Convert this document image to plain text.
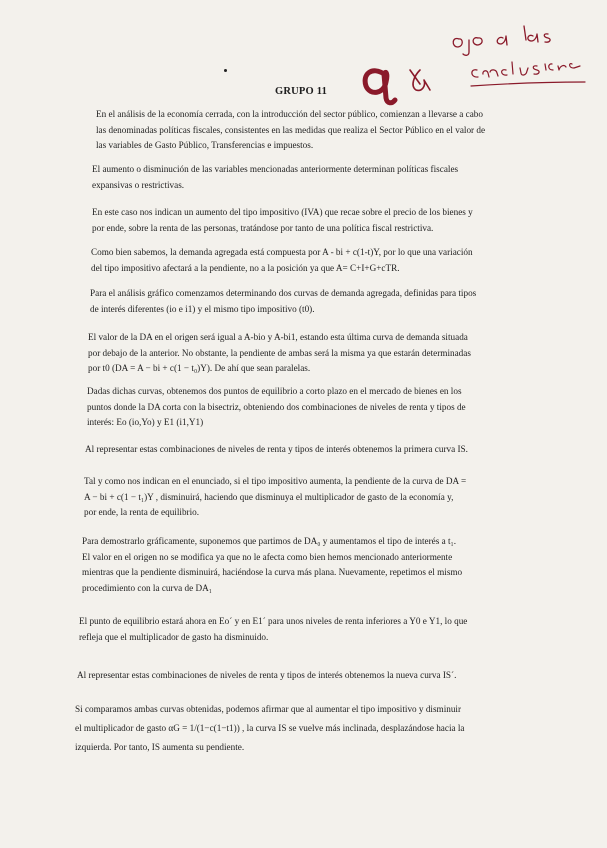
GRUPO 11

En el análisis de la economía cerrada, con la introducción del sector público, comienzan a llevarse a cabo
las denominadas políticas fiscales, consistentes en las medidas que realiza el Sector Público en el valor de
las variables de Gasto Público, Transferencias e impuestos.

El aumento o disminución de las variables mencionadas anteriormente determinan políticas fiscales
expansivas o restrictivas.

En este caso nos indican un aumento del tipo impositivo (IVA) que recae sobre el precio de los bienes y
por ende, sobre la renta de las personas, tratándose por tanto de una política fiscal restrictiva.

Como bien sabemos, la demanda agregada está compuesta por A - bi + c(1-t)Y, por lo que una variación
del tipo impositivo afectará a la pendiente, no a la posición ya que A= C+I+G+cTR.

Para el análisis gráfico comenzamos determinando dos curvas de demanda agregada, definidas para tipos
de interés diferentes (io e i1) y el mismo tipo impositivo (t0).

El valor de la DA en el origen será igual a A-bio y A-bi1, estando esta última curva de demanda situada
por debajo de la anterior. No obstante, la pendiente de ambas será la misma ya que estarán determinadas
por t0 (DA = A − bi + c(1 − t₀)Y). De ahí que sean paralelas.

Dadas dichas curvas, obtenemos dos puntos de equilibrio a corto plazo en el mercado de bienes en los
puntos donde la DA corta con la bisectriz, obteniendo dos combinaciones de niveles de renta y tipos de
interés: Eo (io,Yo) y E1 (i1,Y1)

Al representar estas combinaciones de niveles de renta y tipos de interés obtenemos la primera curva IS.

Tal y como nos indican en el enunciado, si el tipo impositivo aumenta, la pendiente de la curva de DA =
A − bi + c(1 − t₁)Y , disminuirá, haciendo que disminuya el multiplicador de gasto de la economía y,
por ende, la renta de equilibrio.

Para demostrarlo gráficamente, suponemos que partimos de DA₀ y aumentamos el tipo de interés a t₁.
El valor en el origen no se modifica ya que no le afecta como bien hemos mencionado anteriormente
mientras que la pendiente disminuirá, haciéndose la curva más plana. Nuevamente, repetimos el mismo
procedimiento con la curva de DA₁

El punto de equilibrio estará ahora en Eo´ y en E1´ para unos niveles de renta inferiores a Y0 e Y1, lo que
refleja que el multiplicador de gasto ha disminuido.

Al representar estas combinaciones de niveles de renta y tipos de interés obtenemos la nueva curva IS´.

Si comparamos ambas curvas obtenidas, podemos afirmar que al aumentar el tipo impositivo y disminuir
el multiplicador de gasto αG = 1/(1−c(1−t1)) , la curva IS se vuelve más inclinada, desplazándose hacia la
izquierda. Por tanto, IS aumenta su pendiente.
